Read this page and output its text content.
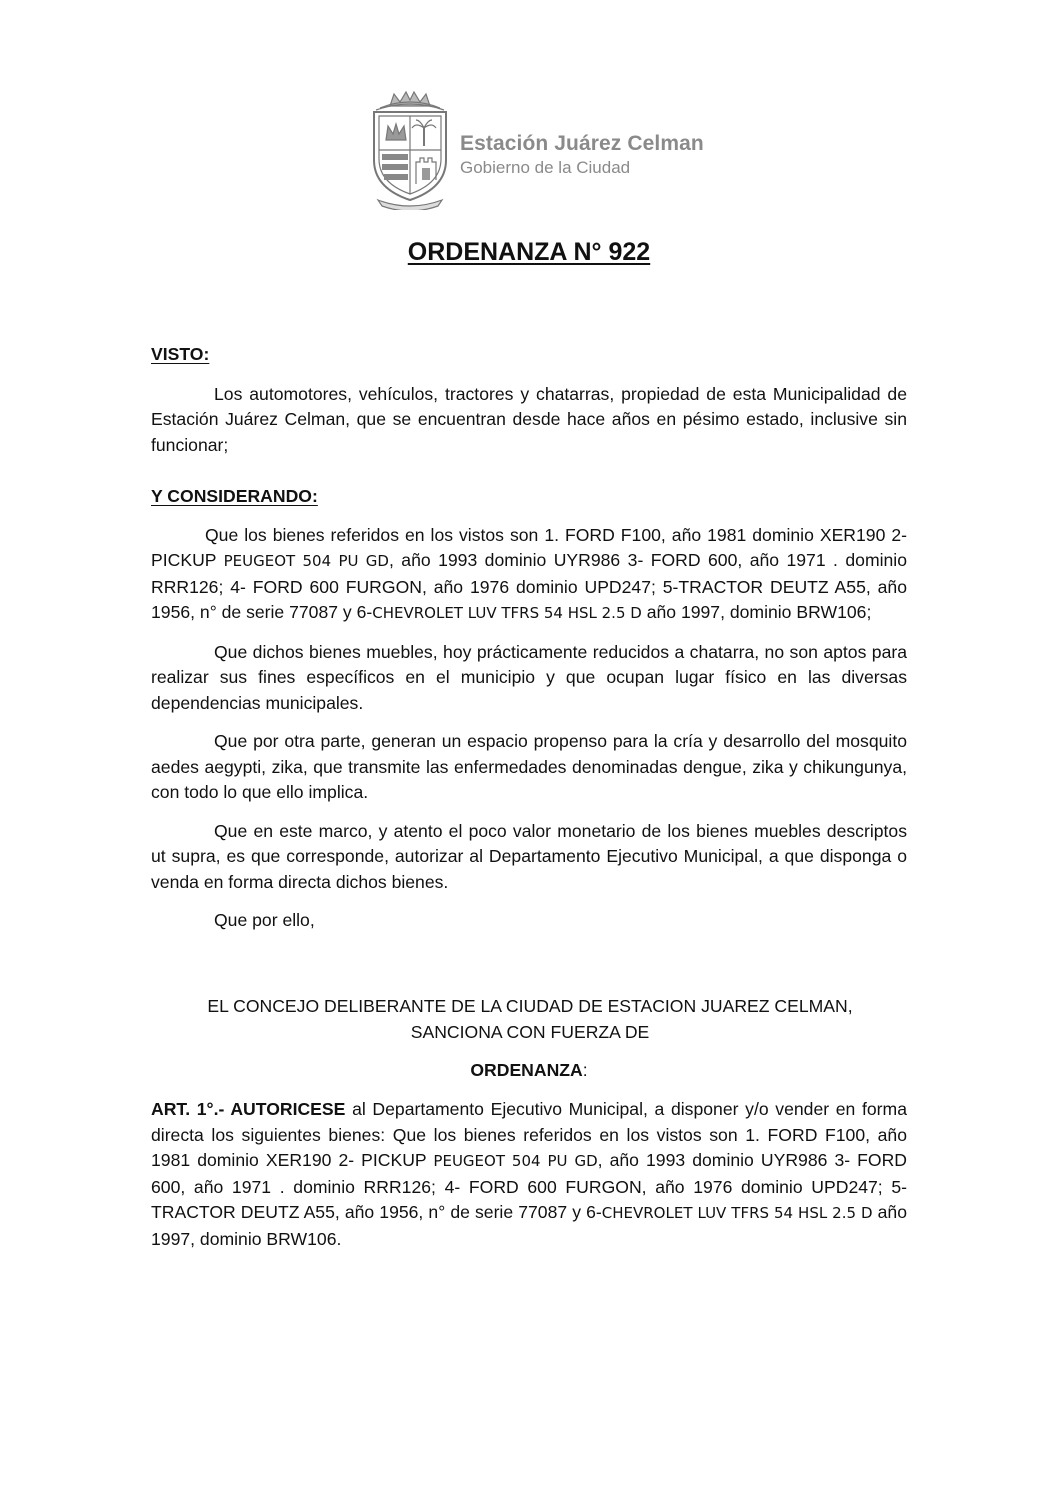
Estación Juárez Celman
Gobierno de la Ciudad
ORDENANZA N° 922
VISTO:

Los automotores, vehículos, tractores y chatarras, propiedad de esta Municipalidad de Estación Juárez Celman, que se encuentran desde hace años en pésimo estado, inclusive sin funcionar;

Y CONSIDERANDO:

Que los bienes referidos en los vistos son 1. FORD F100, año 1981 dominio XER190 2- PICKUP PEUGEOT 504 PU GD, año 1993 dominio UYR986 3- FORD 600, año 1971 . dominio RRR126; 4- FORD 600 FURGON, año 1976 dominio UPD247; 5-TRACTOR DEUTZ A55, año 1956, n° de serie 77087 y 6-CHEVROLET LUV TFRS 54 HSL 2.5 D año 1997, dominio BRW106;

Que dichos bienes muebles, hoy prácticamente reducidos a chatarra, no son aptos para realizar sus fines específicos en el municipio y que ocupan lugar físico en las diversas dependencias municipales.

Que por otra parte, generan un espacio propenso para la cría y desarrollo del mosquito aedes aegypti, zika, que transmite las enfermedades denominadas dengue, zika y chikungunya, con todo lo que ello implica.

Que en este marco, y atento el poco valor monetario de los bienes muebles descriptos ut supra, es que corresponde, autorizar al Departamento Ejecutivo Municipal, a que disponga o venda en forma directa dichos bienes.

Que por ello,

EL CONCEJO DELIBERANTE DE LA CIUDAD DE ESTACION JUAREZ CELMAN, SANCIONA CON FUERZA DE
ORDENANZA:

ART. 1°.- AUTORICESE al Departamento Ejecutivo Municipal, a disponer y/o vender en forma directa los siguientes bienes: Que los bienes referidos en los vistos son 1. FORD F100, año 1981 dominio XER190 2- PICKUP PEUGEOT 504 PU GD, año 1993 dominio UYR986 3- FORD 600, año 1971 . dominio RRR126; 4- FORD 600 FURGON, año 1976 dominio UPD247; 5-TRACTOR DEUTZ A55, año 1956, n° de serie 77087 y 6-CHEVROLET LUV TFRS 54 HSL 2.5 D año 1997, dominio BRW106.
